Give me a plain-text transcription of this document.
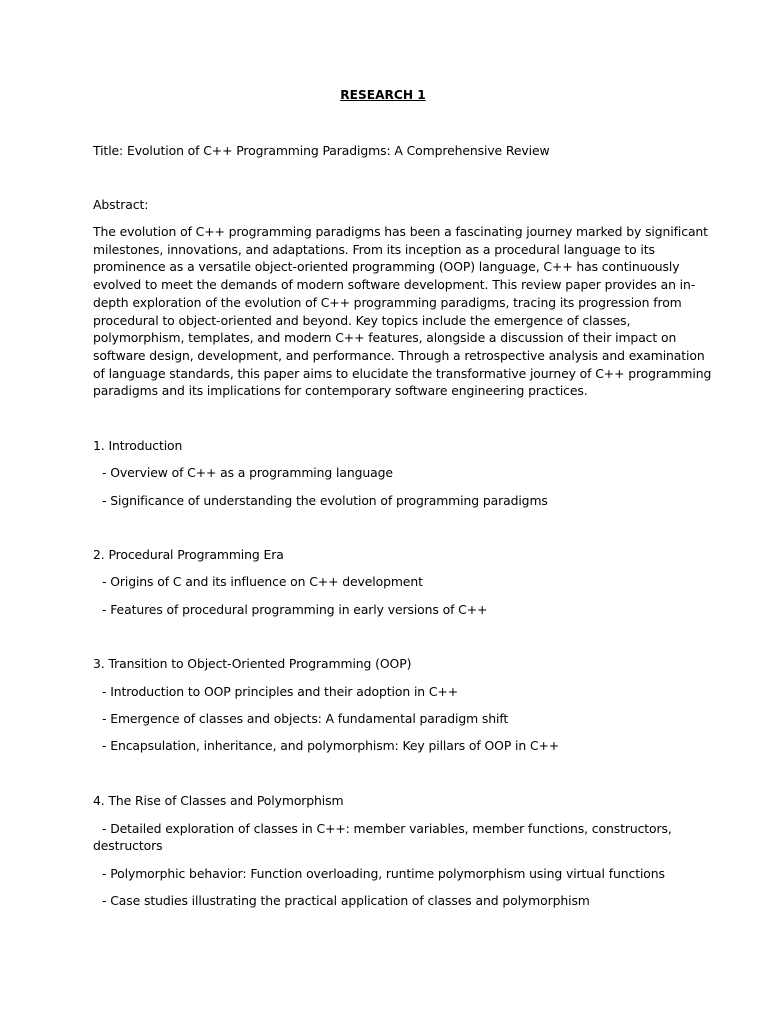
RESEARCH 1
Title: Evolution of C++ Programming Paradigms: A Comprehensive Review
Abstract:
The evolution of C++ programming paradigms has been a fascinating journey marked by significant
milestones, innovations, and adaptations. From its inception as a procedural language to its
prominence as a versatile object-oriented programming (OOP) language, C++ has continuously
evolved to meet the demands of modern software development. This review paper provides an in-
depth exploration of the evolution of C++ programming paradigms, tracing its progression from
procedural to object-oriented and beyond. Key topics include the emergence of classes,
polymorphism, templates, and modern C++ features, alongside a discussion of their impact on
software design, development, and performance. Through a retrospective analysis and examination
of language standards, this paper aims to elucidate the transformative journey of C++ programming
paradigms and its implications for contemporary software engineering practices.
1. Introduction
- Overview of C++ as a programming language
- Significance of understanding the evolution of programming paradigms
2. Procedural Programming Era
- Origins of C and its influence on C++ development
- Features of procedural programming in early versions of C++
3. Transition to Object-Oriented Programming (OOP)
- Introduction to OOP principles and their adoption in C++
- Emergence of classes and objects: A fundamental paradigm shift
- Encapsulation, inheritance, and polymorphism: Key pillars of OOP in C++
4. The Rise of Classes and Polymorphism
- Detailed exploration of classes in C++: member variables, member functions, constructors,
destructors
- Polymorphic behavior: Function overloading, runtime polymorphism using virtual functions
- Case studies illustrating the practical application of classes and polymorphism
